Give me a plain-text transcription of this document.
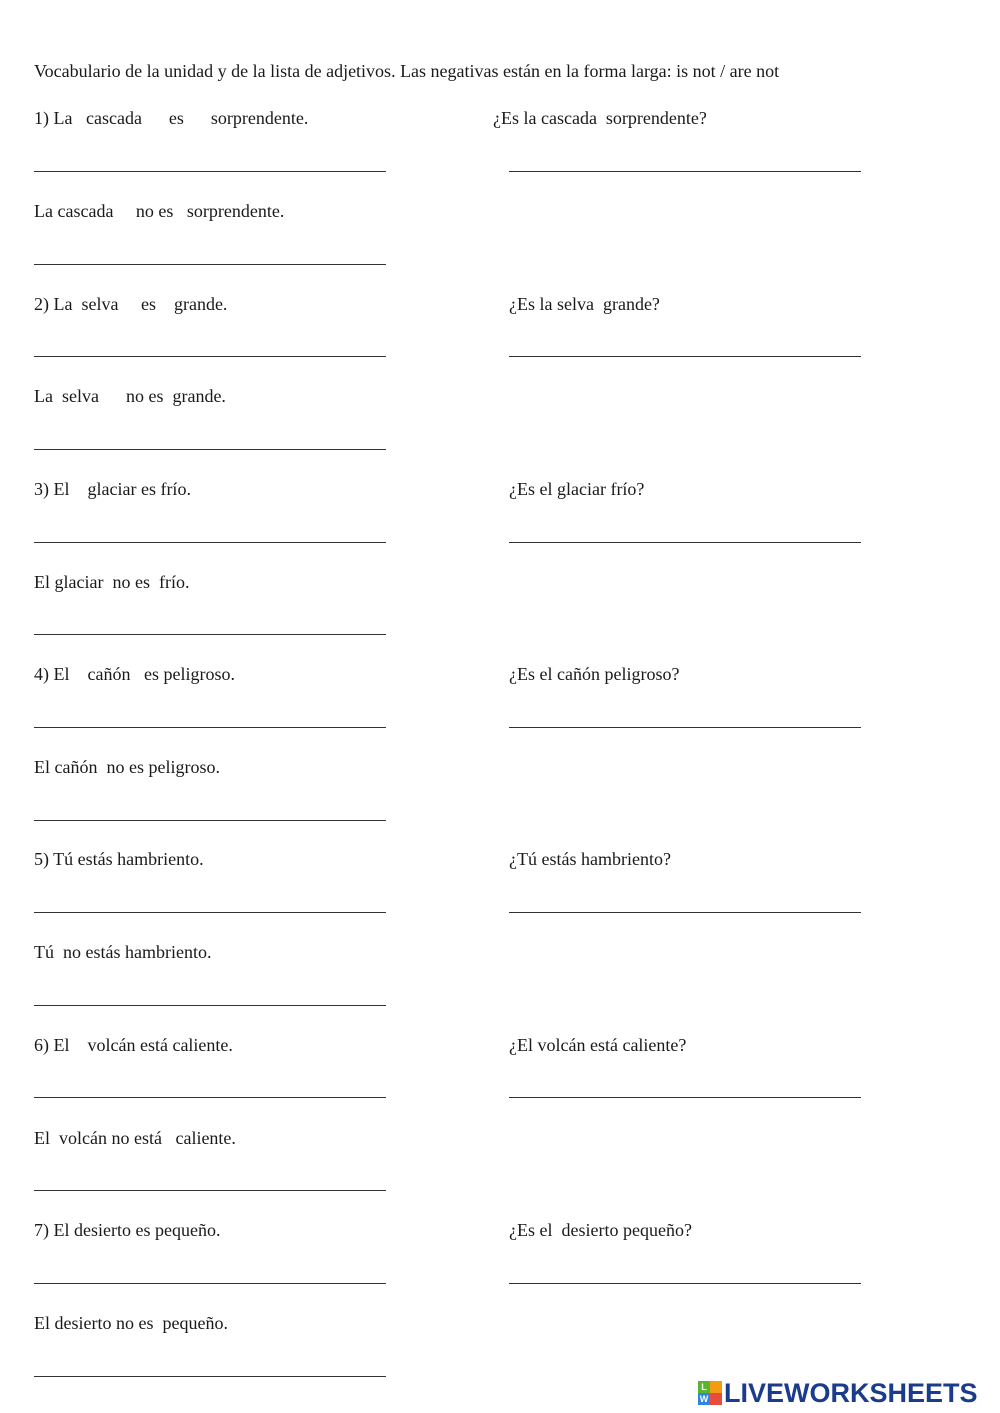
Vocabulario de la unidad y de la lista de adjetivos. Las negativas están en la forma larga: is not / are not
1) La   cascada      es      sorprendente.	¿Es la cascada  sorprendente?
La cascada     no es   sorprendente.
2) La  selva     es    grande.	¿Es la selva  grande?
La  selva      no es  grande.
3) El    glaciar es frío.	¿Es el glaciar frío?
El glaciar  no es  frío.
4) El    cañón   es peligroso.	¿Es el cañón peligroso?
El cañón  no es peligroso.
5) Tú estás hambriento.	¿Tú estás hambriento?
Tú  no estás hambriento.
6) El    volcán está caliente.	¿El volcán está caliente?
El  volcán no está   caliente.
7) El desierto es pequeño.	¿Es el  desierto pequeño?
El desierto no es  pequeño.
L
W LIVEWORKSHEETS
